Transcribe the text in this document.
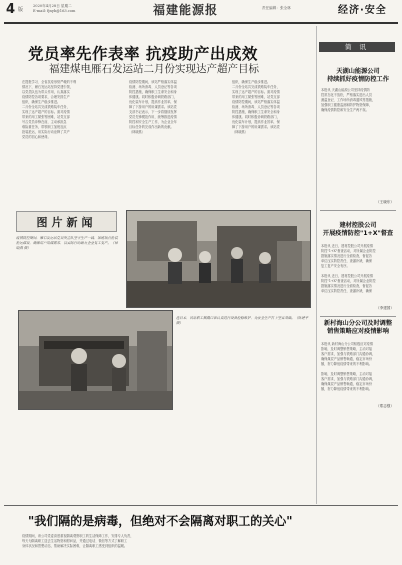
4 版
2020年4月28日 星期二
E-mail: fjnyb@163.com	福建能源报	责任编辑：张全林	经济·安全
党员率先作表率 抗疫助产出成效
福建煤电雁石发运站二月份实现达产超产目标
在提报学习、全省抗疫形势严峻的不利
情况下，雁石发运站坚持党建引领，
以党员队伍为带头作用，认真落实
疫情防控各项要求，合理安排生产
组织，确保生产稳步推进。
二月份全站共完成铁路装车任务，
实现了达产超产的目标。面对疫情
带来的用工紧张等困难，站党支部
号召党员冲锋在前，主动承担急
难险重任务，带领职工加班加点
抢装抢运，用实际行动诠释了共产
党员的初心和使命。
疫情防控期间，该站严格落实体温
检测、场所消毒、人员登记等各项
防控措施，确保职工生命安全和身
体健康。同时积极协调铁路部门，
优化装车计划，提高作业效率，保
障了下游用户的用煤需求。该站党
支部书记表示，下一步将继续发挥
党员先锋模范作用，统筹推进疫情
防控和安全生产工作，为企业全年
目标任务的完成作出新的贡献。
（林晓燕）
组织，确保生产稳步推进。
二月份全站共完成铁路装车任务，
实现了达产超产的目标。面对疫情
带来的用工紧张等困难，站党支部
疫情防控期间，该站严格落实体温
检测、场所消毒、人员登记等各项
防控措施，确保职工生命安全和身
体健康。同时积极协调铁路部门，
优化装车计划，提高作业效率，保
障了下游用户的用煤需求。该站党
（林晓燕）
图片新闻
疫情防控期间，雁石发运站党员突击队坚守生产一线，加班加点抢装抢运煤炭，确保用户用煤需求，以实际行动助力企业复工复产。（林晓燕 摄）
连日来，该站职工佩戴口罩认真进行设备检修维护，为安全生产打下坚实基础。（陈建平 摄）
简 讯
天湖山能源公司
持续抓好疫情防控工作
本报讯 天湖山能源公司坚持疫情防
控常态化不放松，严格落实进出人员
测温登记、工作场所消毒通风等措施，
加强职工健康监测和防护物资保障，
确保疫情防控和安全生产两不误。
（王晓东）
建材控股公司
开展疫情防控"1+X"督查
本报讯 近日，建材控股公司开展疫情
防控"1+X"督查活动，对所属企业防控
措施落实情况进行全面检查，督促各
单位压实防控责任，查漏补缺，确保
复工复产安全有序。
本报讯 近日，建材控股公司开展疫情
防控"1+X"督查活动，对所属企业防控
措施落实情况进行全面检查，督促各
单位压实防控责任，查漏补缺，确保
（李建国）
新村海山分公司及时调整
销售策略应对疫情影响
本报讯 新村海山分公司积极应对疫情
影响，及时调整销售策略，主动对接
客户需求，加强与铁路部门沟通协调，
确保煤炭产品销售畅通，稳定市场份
额，努力降低疫情带来的不利影响。
影响，及时调整销售策略，主动对接
客户需求，加强与铁路部门沟通协调，
确保煤炭产品销售畅通，稳定市场份
额，努力降低疫情带来的不利影响。
（郑志强）
"我们隔的是病毒，但绝对不会隔离对职工的关心"
疫情期间，该公司党委高度重视隔离观察职工的生活保障工作，安排专人负责，
每天为隔离职工送去生活物资和慰问品，并通过电话、微信等方式了解职工
身体状况和思想动态，帮助解决实际困难，让隔离职工感受到组织的温暖。
